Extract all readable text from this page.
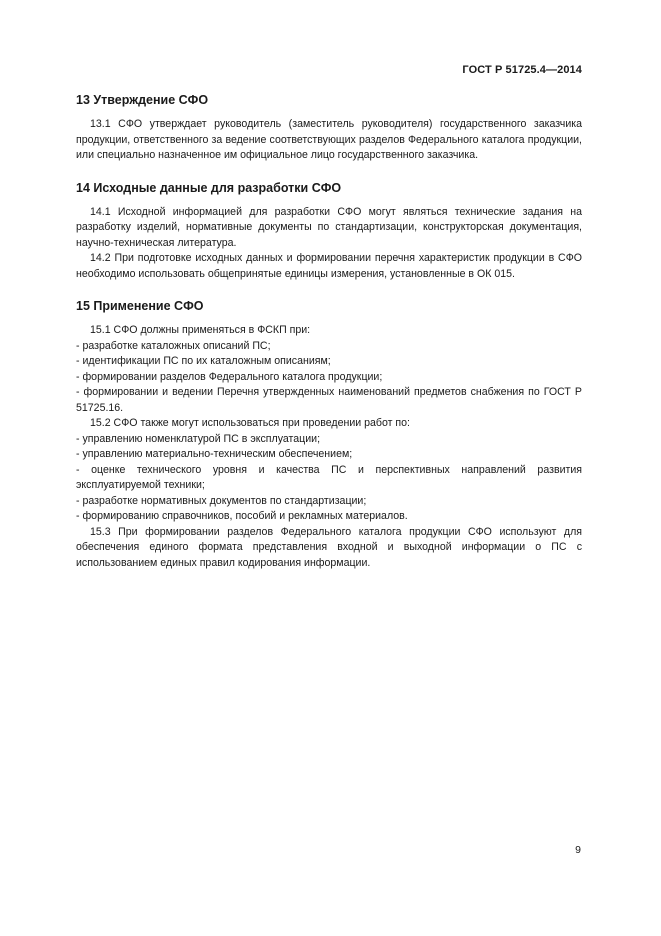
ГОСТ Р 51725.4—2014
13 Утверждение СФО

13.1 СФО утверждает руководитель (заместитель руководителя) государственного заказчика продукции, ответственного за ведение соответствующих разделов Федерального каталога продукции, или специально назначенное им официальное лицо государственного заказчика.

14 Исходные данные для разработки СФО

14.1 Исходной информацией для разработки СФО могут являться технические задания на разработку изделий, нормативные документы по стандартизации, конструкторская документация, научно-техническая литература.

14.2 При подготовке исходных данных и формировании перечня характеристик продукции в СФО необходимо использовать общепринятые единицы измерения, установленные в ОК 015.

15 Применение СФО

15.1 СФО должны применяться в ФСКП при:

- разработке каталожных описаний ПС;

- идентификации ПС по их каталожным описаниям;

- формировании разделов Федерального каталога продукции;

- формировании и ведении Перечня утвержденных наименований предметов снабжения по ГОСТ Р 51725.16.

15.2 СФО также могут использоваться при проведении работ по:

- управлению номенклатурой ПС в эксплуатации;

- управлению материально-техническим обеспечением;

- оценке технического уровня и качества ПС и перспективных направлений развития эксплуатируемой техники;

- разработке нормативных документов по стандартизации;

- формированию справочников, пособий и рекламных материалов.

15.3 При формировании разделов Федерального каталога продукции СФО используют для обеспечения единого формата представления входной и выходной информации о ПС с использованием единых правил кодирования информации.

9
